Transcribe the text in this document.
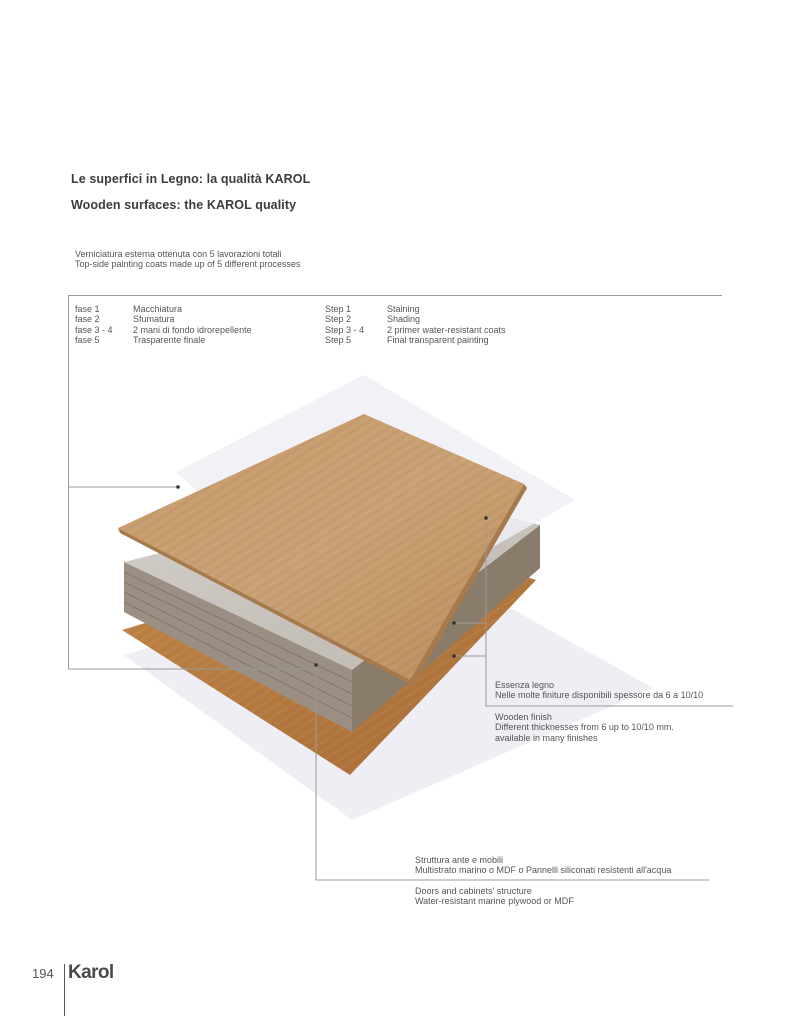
Le superfici in Legno: la qualità KAROL
Wooden surfaces: the KAROL quality
Verniciatura esterna ottenuta con 5 lavorazioni totali
Top-side painting coats made up of 5 different processes
fase 1	Macchiatura
fase 2	Sfumatura
fase 3 - 4	2 mani di fondo idrorepellente
fase 5	Trasparente finale
Step 1	Staining
Step 2	Shading
Step 3 - 4	2 primer water-resistant coats
Step 5	Final transparent painting
Essenza legno
Nelle molte finiture disponibili spessore da 6 a 10/10
Wooden finish
Different thicknesses from 6 up to 10/10 mm.
available in many finishes
Struttura ante e mobili
Multistrato marino o MDF o Pannelli siliconati resistenti all'acqua
Doors and cabinets' structure
Water-resistant marine plywood or MDF
194 Karol
